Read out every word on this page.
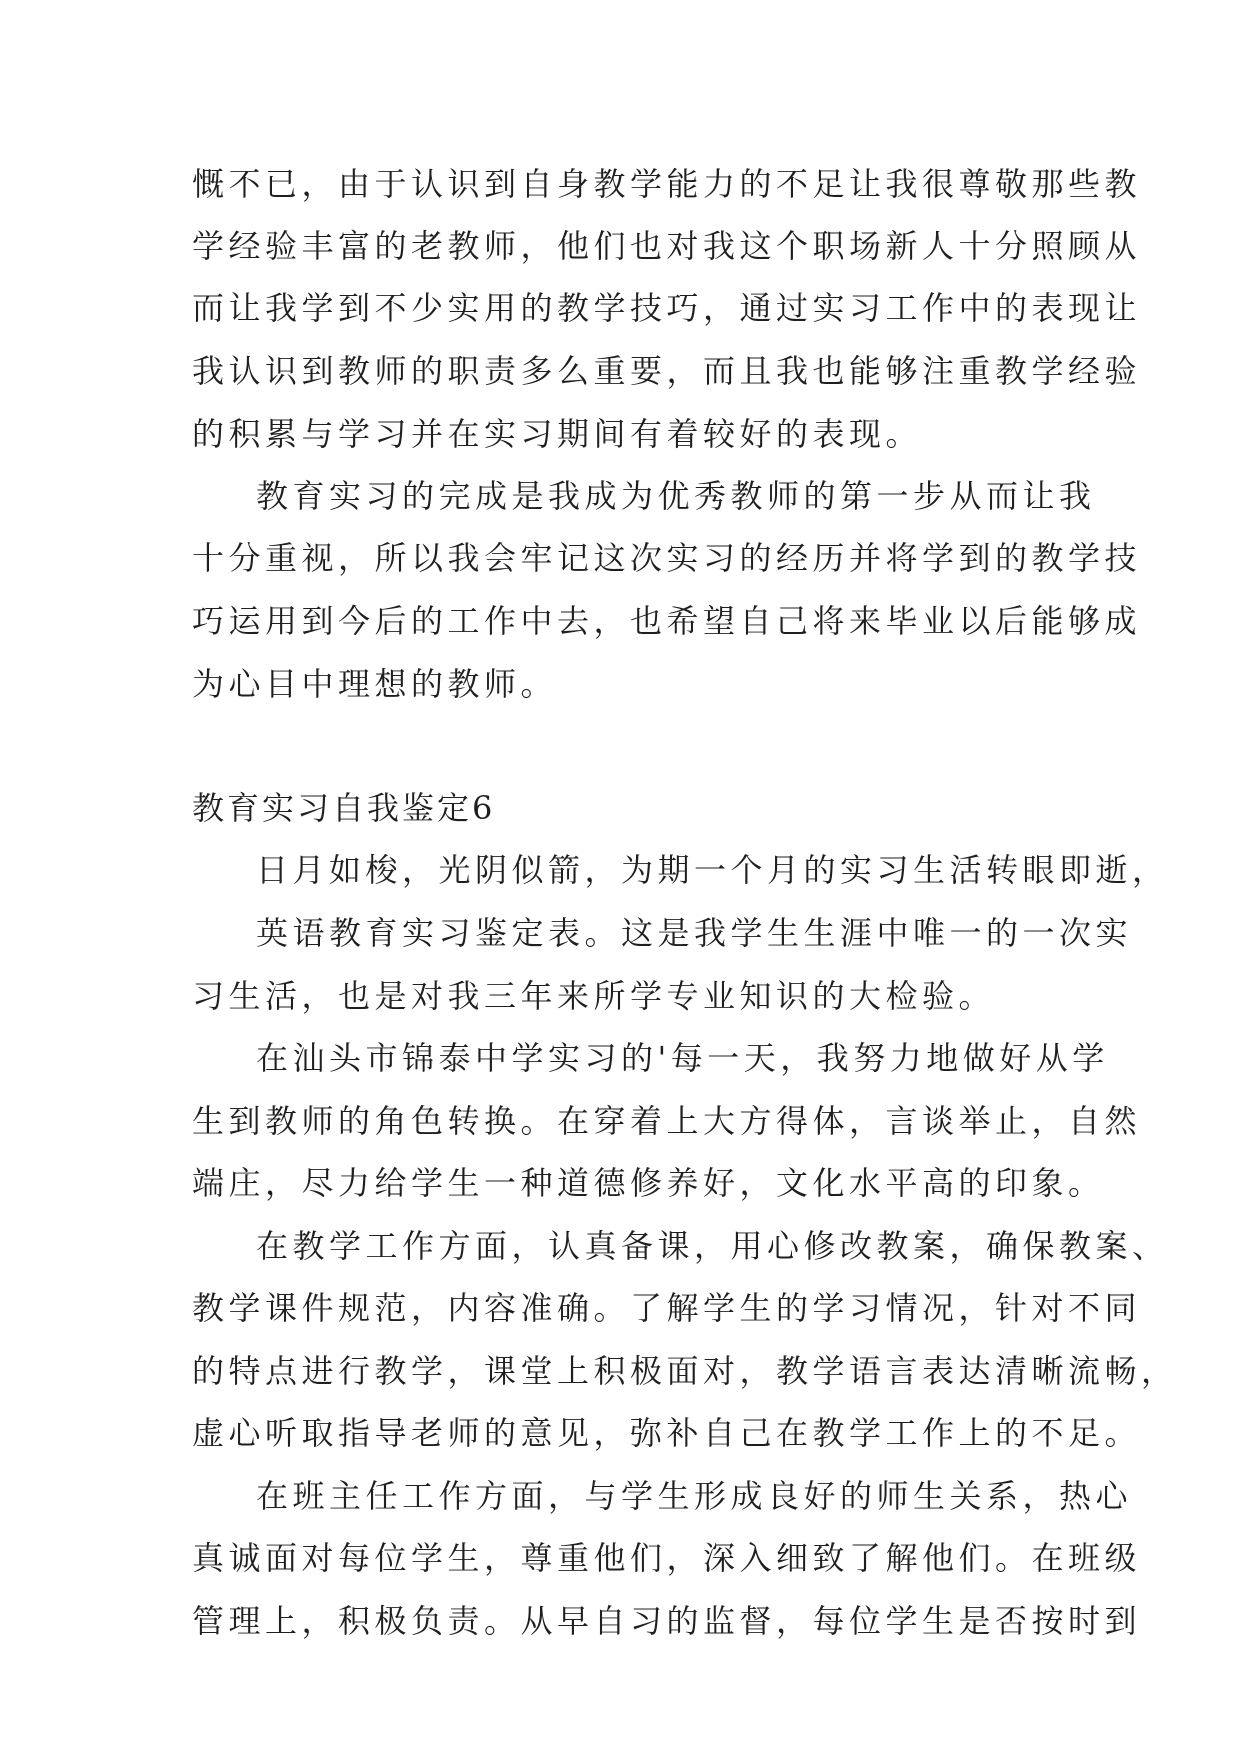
慨不已，由于认识到自身教学能力的不足让我很尊敬那些教
学经验丰富的老教师，他们也对我这个职场新人十分照顾从
而让我学到不少实用的教学技巧，通过实习工作中的表现让
我认识到教师的职责多么重要，而且我也能够注重教学经验
的积累与学习并在实习期间有着较好的表现。
教育实习的完成是我成为优秀教师的第一步从而让我
十分重视，所以我会牢记这次实习的经历并将学到的教学技
巧运用到今后的工作中去，也希望自己将来毕业以后能够成
为心目中理想的教师。
教育实习自我鉴定6
日月如梭，光阴似箭，为期一个月的实习生活转眼即逝，
英语教育实习鉴定表。这是我学生生涯中唯一的一次实
习生活，也是对我三年来所学专业知识的大检验。
在汕头市锦泰中学实习的'每一天，我努力地做好从学
生到教师的角色转换。在穿着上大方得体，言谈举止，自然
端庄，尽力给学生一种道德修养好，文化水平高的印象。
在教学工作方面，认真备课，用心修改教案，确保教案、
教学课件规范，内容准确。了解学生的学习情况，针对不同
的特点进行教学，课堂上积极面对，教学语言表达清晰流畅，
虚心听取指导老师的意见，弥补自己在教学工作上的不足。
在班主任工作方面，与学生形成良好的师生关系，热心
真诚面对每位学生，尊重他们，深入细致了解他们。在班级
管理上，积极负责。从早自习的监督，每位学生是否按时到
